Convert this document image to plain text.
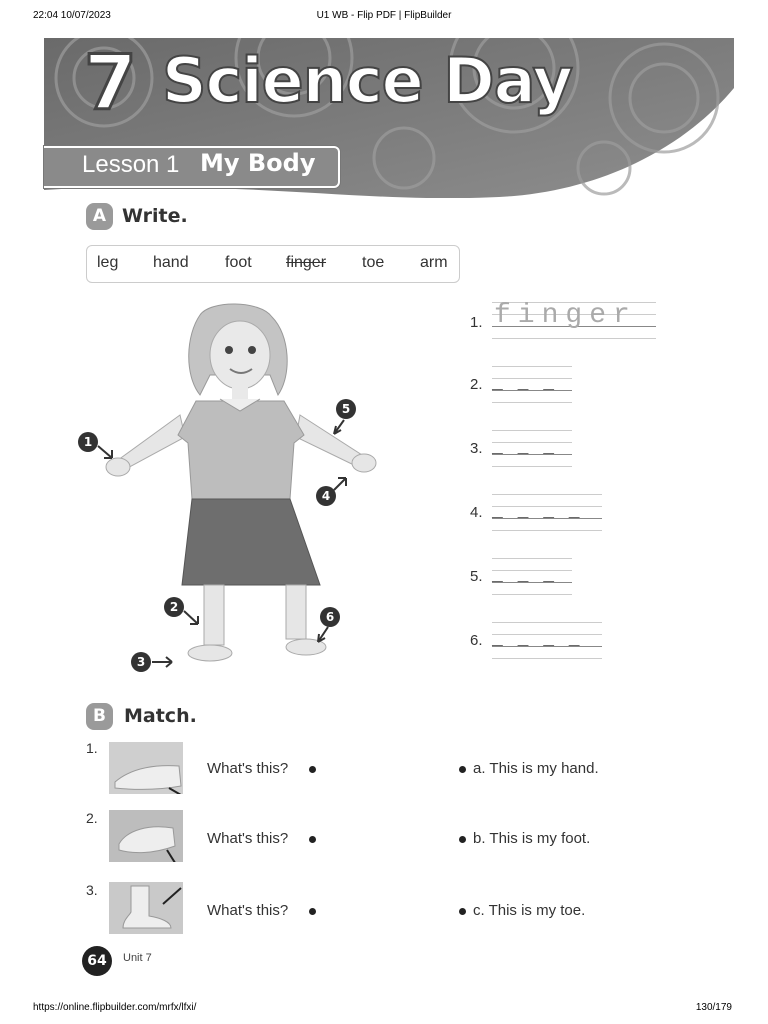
22:04 10/07/2023	U1 WB - Flip PDF | FlipBuilder
7 Science Day
Lesson 1 My Body
A Write.
leg hand foot finger toe arm
1
2
3
4
5
6
1. finger
2. _ _ _
3. _ _ _
4. _ _ _ _
5. _ _ _
6. _ _ _ _
B Match.
1.
What's this?	a. This is my hand.
2.
What's this?	b. This is my foot.
3.
What's this?	c. This is my toe.
64	Unit 7
https://online.flipbuilder.com/mrfx/lfxi/	130/179
